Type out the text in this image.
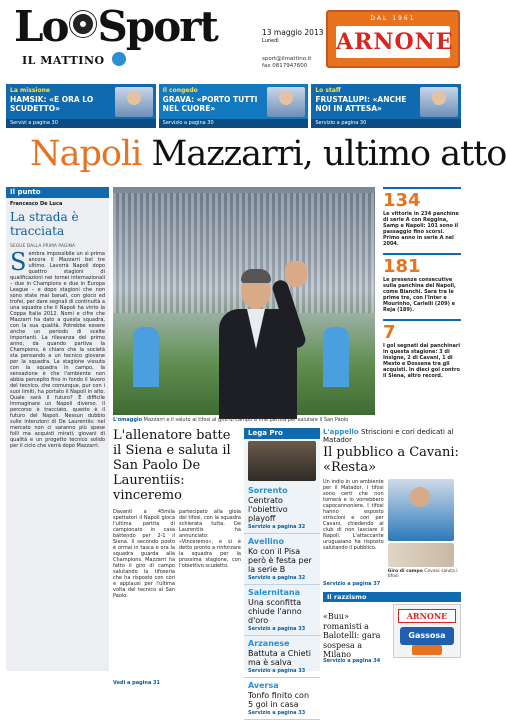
Lo Sport
IL MATTINO
13 maggio 2013
Lunedì
sport@ilmattino.it
fax 0817947600
DAL 1961
ARNONE
La missione
HAMSIK: «E ORA LO SCUDETTO»
Servizi a pagina 30
Il congedo
GRAVA: «PORTO TUTTI NEL CUORE»
Servizio a pagina 30
Lo staff
FRUSTALUPI: «ANCHE NOI IN ATTESA»
Servizio a pagina 30
Napoli Mazzarri, ultimo atto
Il punto
Francesco De Luca
La strada è tracciata
SEGUE DALLA PRIMA PAGINA
Sembra impossibile un sì prima ancora il Mazzarri bel tre ultimo. Lavorrà Napoli dopo quattro stagioni di qualificazioni nei tornei internazionali – due in Champions e due in Europa League – e dopo stagioni che non sono state mai banali, con gioco ed trofei, per dare segnali di continuità a una squadra che il Napoli ha vinto la Coppa Italia 2012. Nomi e cifre che Mazzarri ha dato a questa squadra, con la sua qualità. Potrebbe essere anche un periodo di scelte importanti. La rilevanza del primo anno, da quando partiva la Champions, è chiaro che la società sta pensando a un tecnico giovane per la squadra. La stagione vissuta con la squadra in campo, la sensazione è che l'ambiente non abbia percepito fino in fondo il lavoro del tecnico, che comunque, pur con i suoi limiti, ha portato il Napoli in alto. Quale sarà il futuro? È difficile immaginare un Napoli diverso. Il percorso è tracciato, questo è il futuro del Napoli. Nessun dubbio sulle intenzioni di De Laurentiis: nel mercato non ci saranno più spese folli ma acquisti mirati, giovani di qualità e un progetto tecnico solido per il ciclo che verrà dopo Mazzarri.
L'omaggio Mazzarri e il saluto ai tifosi al giro di campo a fine partita per salutare il San Paolo
134
Le vittorie in 234 panchine di serie A con Reggina, Samp e Napoli: 101 sono il passaggio fino scorsi. Primo anno in serie A nel 2004.
181
Le presenze consecutive sulla panchina del Napoli, come Bianchi. Sara tra le prime tre, con l'Inter e Mourinho, Carlelli (209) e Reja (189).
7
I gol segnati dai panchinari in questa stagione: 3 di Insigne, 2 di Cavani, 1 di Mesto e Dossena tra gli acquisti. In dieci gol contro il Siena, altro record.
L'allenatore batte il Siena e saluta il San Paolo De Laurentiis: vinceremo
Davanti a 45mila spettatori il Napoli gioca l'ultima partita di campionato in casa battendo per 2-1 il Siena. Il secondo posto è ormai in tasca e ora la squadra guarda alla Champions. Mazzarri ha fatto il giro di campo salutando la tifoseria che ha risposto con cori e applausi per l'ultima volta del tecnico al San Paolo.
partecipato alla gioia dei tifosi, con la squadra schierata tutta. De Laurentiis ha annunciato: «Vinceremo», e si è detto pronto a rinforzare la squadra per la prossima stagione, con l'obiettivo scudetto.
Vedi a pagina 31
Lega Pro
Sorrento
Centrato l'obiettivo playoff
Servizio a pagina 32
Avellino
Ko con il Pisa però è festa per la serie B
Servizio a pagina 32
Salernitana
Una sconfitta chiude l'anno d'oro
Servizio a pagina 33
Arzanese
Battuta a Chieti ma è salva
Servizio a pagina 33
Aversa
Tonfo finito con 5 gol in casa
Servizio a pagina 33
L'appello Striscioni e cori dedicati al Matador
Il pubblico a Cavani: «Resta»
Un indio in un ambiente per il Matador, i tifosi sono certi che non tornerà e lo vorrebbero capocannoniere. I tifosi hanno esposto striscioni e cori per Cavani, chiedendo al club di non lasciare il Napoli. L'attaccante uruguaiano ha risposto salutando il pubblico.
Giro di campo Cavani saluta i tifosi
Servizio a pagina 37
Il razzismo
«Buu» romanisti a Balotelli: gara sospesa a Milano
ARNONE
Gassosa
Servizio a pagina 34
